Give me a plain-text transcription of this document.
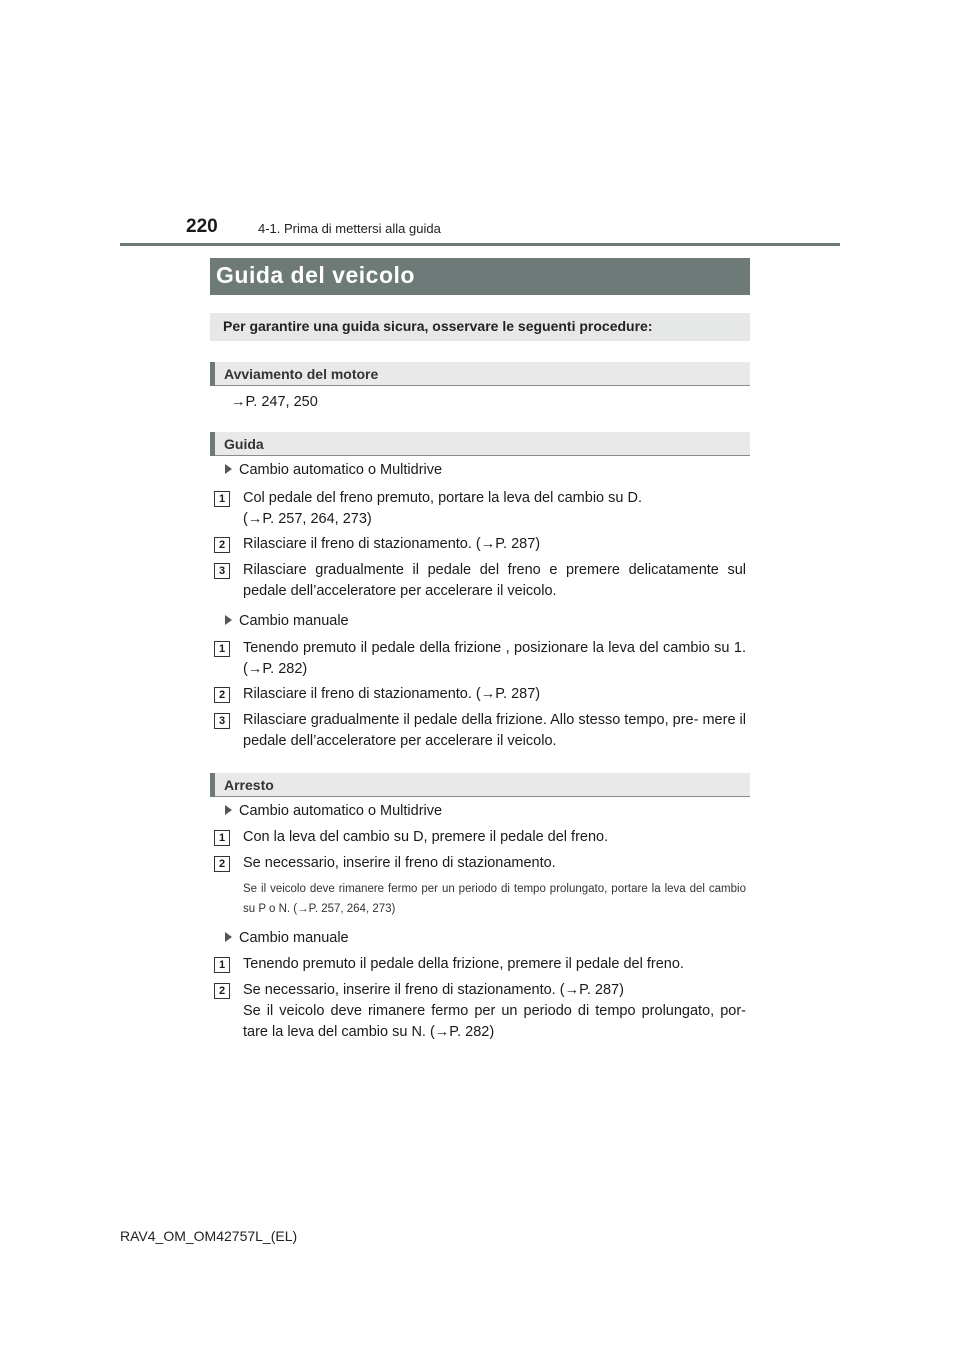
220	4-1. Prima di mettersi alla guida
Guida del veicolo
Per garantire una guida sicura, osservare le seguenti procedure:
Avviamento del motore
→P. 247, 250
Guida
Cambio automatico o Multidrive
1	Col pedale del freno premuto, portare la leva del cambio su D.
(→P. 257, 264, 273)
2	Rilasciare il freno di stazionamento. (→P. 287)
3	Rilasciare gradualmente il pedale del freno e premere delicatamente sul pedale dell’acceleratore per accelerare il veicolo.
Cambio manuale
1	Tenendo premuto il pedale della frizione , posizionare la leva del cambio su 1. (→P. 282)
2	Rilasciare il freno di stazionamento. (→P. 287)
3	Rilasciare gradualmente il pedale della frizione. Allo stesso tempo, pre- mere il pedale dell’acceleratore per accelerare il veicolo.
Arresto
Cambio automatico o Multidrive
1	Con la leva del cambio su D, premere il pedale del freno.
2	Se necessario, inserire il freno di stazionamento.
Se il veicolo deve rimanere fermo per un periodo di tempo prolungato, portare la leva del cambio su P o N. (→P. 257, 264, 273)
Cambio manuale
1	Tenendo premuto il pedale della frizione, premere il pedale del freno.
2	Se necessario, inserire il freno di stazionamento. (→P. 287)
Se il veicolo deve rimanere fermo per un periodo di tempo prolungato, por- tare la leva del cambio su N. (→P. 282)
RAV4_OM_OM42757L_(EL)
